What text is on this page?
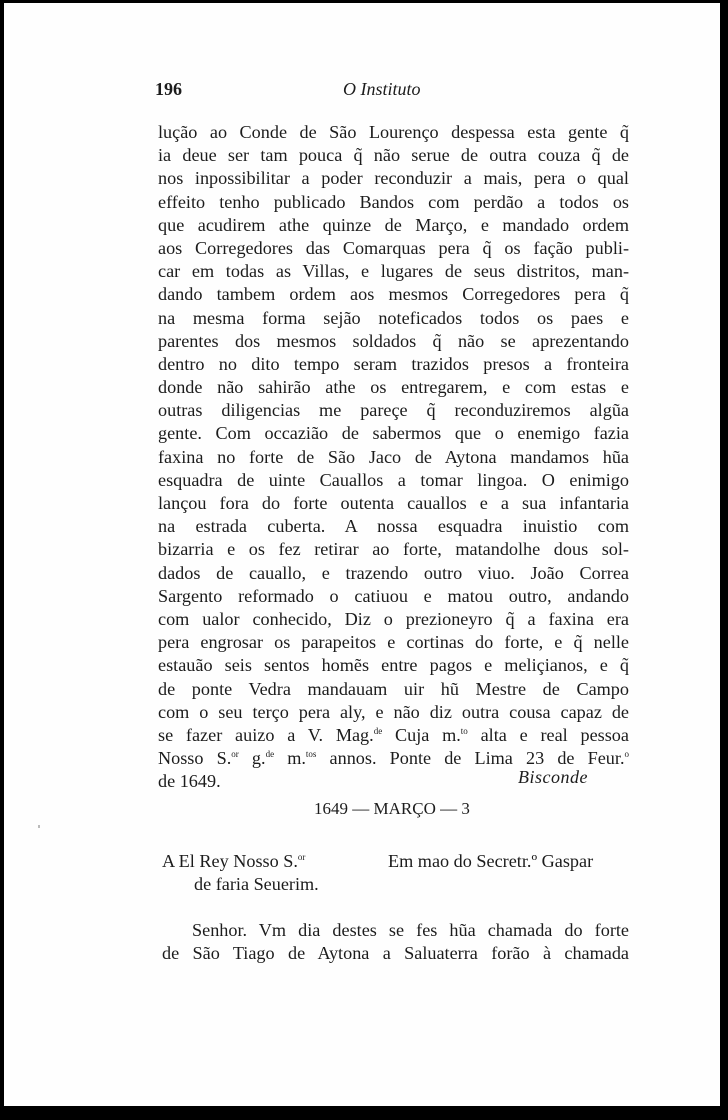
196	O Instituto
lução ao Conde de São Lourenço despessa esta gente q̃
ia deue ser tam pouca q̃ não serue de outra couza q̃ de
nos inpossibilitar a poder reconduzir a mais, pera o qual
effeito tenho publicado Bandos com perdão a todos os
que acudirem athe quinze de Março, e mandado ordem
aos Corregedores das Comarquas pera q̃ os fação publi-
car em todas as Villas, e lugares de seus distritos, man-
dando tambem ordem aos mesmos Corregedores pera q̃
na mesma forma sejão noteficados todos os paes e
parentes dos mesmos soldados q̃ não se aprezentando
dentro no dito tempo seram trazidos presos a fronteira
donde não sahirão athe os entregarem, e com estas e
outras diligencias me pareçe q̃ reconduziremos algũa
gente. Com occazião de sabermos que o enemigo fazia
faxina no forte de São Jaco de Aytona mandamos hũa
esquadra de uinte Cauallos a tomar lingoa. O enimigo
lançou fora do forte outenta cauallos e a sua infantaria
na estrada cuberta. A nossa esquadra inuistio com
bizarria e os fez retirar ao forte, matandolhe dous sol-
dados de cauallo, e trazendo outro viuo. João Correa
Sargento reformado o catiuou e matou outro, andando
com ualor conhecido, Diz o prezioneyro q̃ a faxina era
pera engrosar os parapeitos e cortinas do forte, e q̃ nelle
estauão seis sentos homẽs entre pagos e meliçianos, e q̃
de ponte Vedra mandauam uir hũ Mestre de Campo
com o seu terço pera aly, e não diz outra cousa capaz de
se fazer auizo a V. Mag.$^{de}$ Cuja m.$^{to}$ alta e real pessoa
Nosso S.$^{or}$ g.$^{de}$ m.$^{tos}$ annos. Ponte de Lima 23 de Feur.$^o$
de 1649.	Bisconde
1649 — MARÇO — 3
A El Rey Nosso S.$^{or}$
de faria Seuerim.
Em mao do Secretr.º Gaspar
Senhor. Vm dia destes se fes hũa chamada do forte
de São Tiago de Aytona a Saluaterra forão à chamada
